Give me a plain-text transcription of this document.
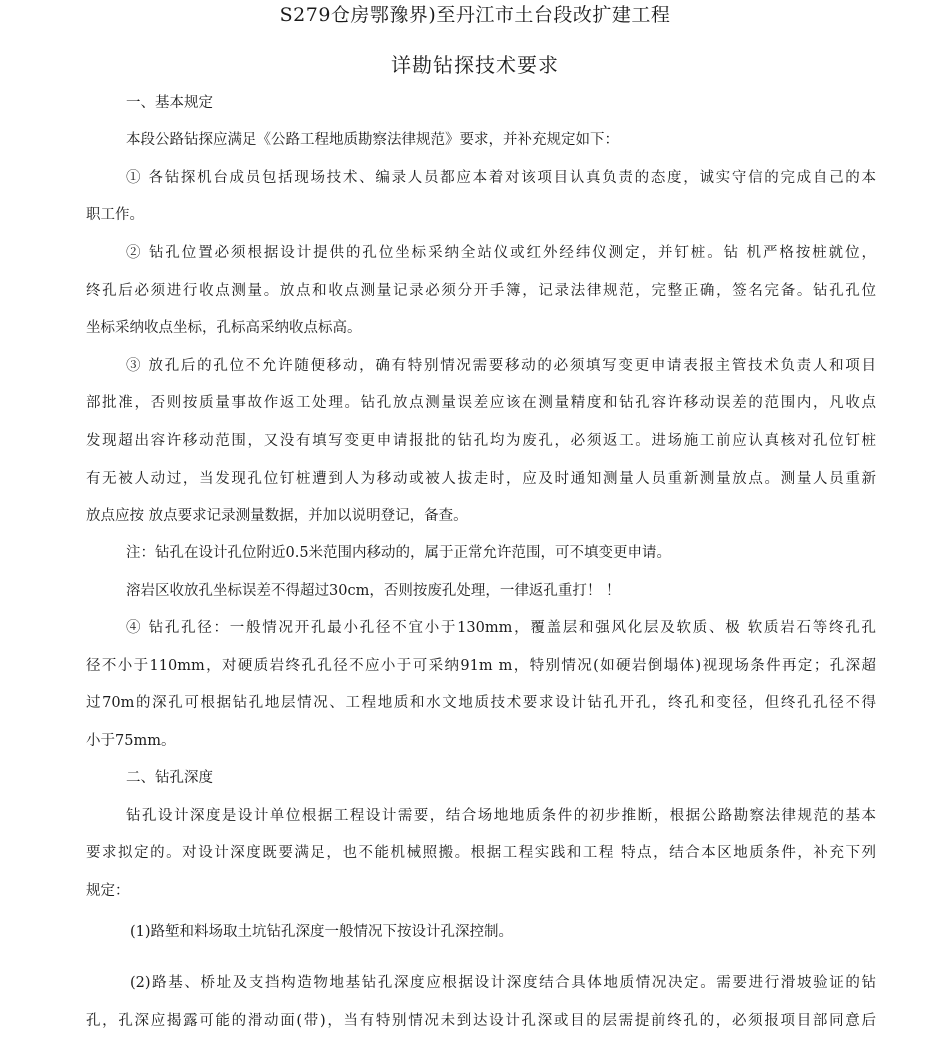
S279仓房鄂豫界)至丹江市土台段改扩建工程
详勘钻探技术要求
一、基本规定
本段公路钻探应满足《公路工程地质勘察法律规范》要求，并补充规定如下：
① 各钻探机台成员包括现场技术、编录人员都应本着对该项目认真负责的态度，诚实守信的完成自己的本
职工作。
② 钻孔位置必须根据设计提供的孔位坐标采纳全站仪或红外经纬仪测定，并钉桩。钻 机严格按桩就位，
终孔后必须进行收点测量。放点和收点测量记录必须分开手簿，记录法律规范，完整正确，签名完备。钻孔孔位
坐标采纳收点坐标，孔标高采纳收点标高。
③ 放孔后的孔位不允许随便移动，确有特别情况需要移动的必须填写变更申请表报主管技术负责人和项目
部批准，否则按质量事故作返工处理。钻孔放点测量误差应该在测量精度和钻孔容许移动误差的范围内，凡收点
发现超出容许移动范围，又没有填写变更申请报批的钻孔均为废孔，必须返工。进场施工前应认真核对孔位钉桩
有无被人动过，当发现孔位钉桩遭到人为移动或被人拔走时，应及时通知测量人员重新测量放点。测量人员重新
放点应按 放点要求记录测量数据，并加以说明登记，备查。
注：钻孔在设计孔位附近0.5米范围内移动的，属于正常允许范围，可不填变更申请。
溶岩区收放孔坐标误差不得超过30cm，否则按废孔处理，一律返孔重打！ ！
④ 钻孔孔径：一般情况开孔最小孔径不宜小于130mm，覆盖层和强风化层及软质、极 软质岩石等终孔孔
径不小于110mm，对硬质岩终孔孔径不应小于可采纳91m m，特别情况(如硬岩倒塌体)视现场条件再定；孔深超
过70m的深孔可根据钻孔地层情况、工程地质和水文地质技术要求设计钻孔开孔，终孔和变径，但终孔孔径不得
小于75mm。
二、钻孔深度
钻孔设计深度是设计单位根据工程设计需要，结合场地地质条件的初步推断，根据公路勘察法律规范的基本
要求拟定的。对设计深度既要满足，也不能机械照搬。根据工程实践和工程 特点，结合本区地质条件，补充下列
规定：
(1)路堑和料场取土坑钻孔深度一般情况下按设计孔深控制。
(2)路基、桥址及支挡构造物地基钻孔深度应根据设计深度结合具体地质情况决定。需要进行滑坡验证的钻
孔，孔深应揭露可能的滑动面(带)，当有特别情况未到达设计孔深或目的层需提前终孔的，必须报项目部同意后
